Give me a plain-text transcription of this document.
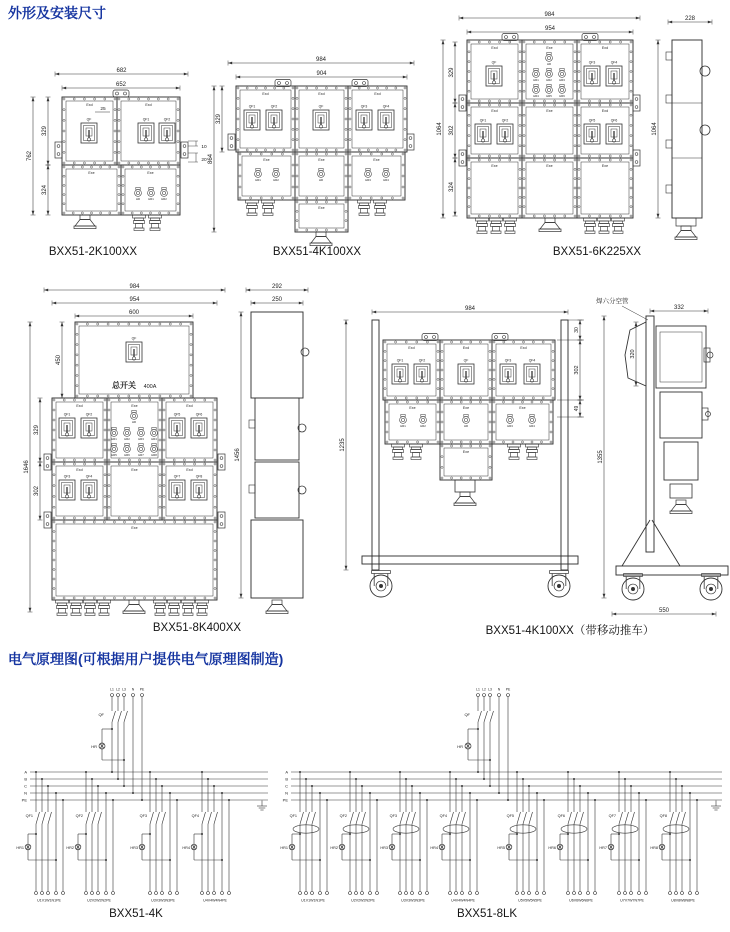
682
652
Exd	Exd
QF	QF1	QF2
25
Exe	Exe
HR	HR1	HR2
329
324
762
10
20
984
904
Exd	Exd	Exd
QF1	QF2	QF	QF3	QF4
Exe	Exe	Exe
HR1	HR2	HR	HR3	HR4
Exe
329
864
984
954
Exd	Exe	Exd
Exd	Exe	Exd
Exe	Exe	Exe
QF	QF3	QF4
QF1	QF2	QF5	QF6
HR
HR1	HR2	HR3
HR4	HR5	HR6
329
302
324
1064
228
1064
984
954
600
QF
总开关 400A
450
Exd	Exe	Exd
Exd	Exe	Exd
QF1	QF2	QF5	QF6
QF3	QF4	QF7	QF8
HR
HR1	HR2	HR3	HR4
HR5	HR6	HR7	HR8
Exe
329
302
1646
292
250
1456
984
Exd	Exd	Exd
QF1	QF2	QF	QF3	QF4
Exe	Exe	Exe
HR1	HR2	HR	HR3	HR4
Exe
30
302
49
1235
焊六分空管
332
320
1355
550
A
B
C
N
PE
L1 L2 L3 N PE
QF
HR
QF1
HR1
U1V1W1N1PE
QF2
HR2
U2V2W2N2PE
QF3
HR3
U3V3W3N3PE
QF4
HR4
U4V4W4N4PE
A
B
C
N
PE
L1 L2 L3 N PE
QF
HR
QF1
HR1
U1V1W1N1PE
QF2
HR2
U2V2W2N2PE
QF3
HR3
U3V3W3N3PE
QF4
HR4
U4V4W4N4PE
QF5
HR5
U5V5W5N5PE
QF6
HR6
U6V6W6N6PE
QF7
HR7
U7V7W7N7PE
QF8
HR8
U8V8W8N8PE
外形及安装尺寸
电气原理图(可根据用户提供电气原理图制造)
BXX51-2K100XX	BXX51-4K100XX	BXX51-6K225XX
BXX51-8K400XX	BXX51-4K100XX（带移动推车）
BXX51-4K	BXX51-8LK
